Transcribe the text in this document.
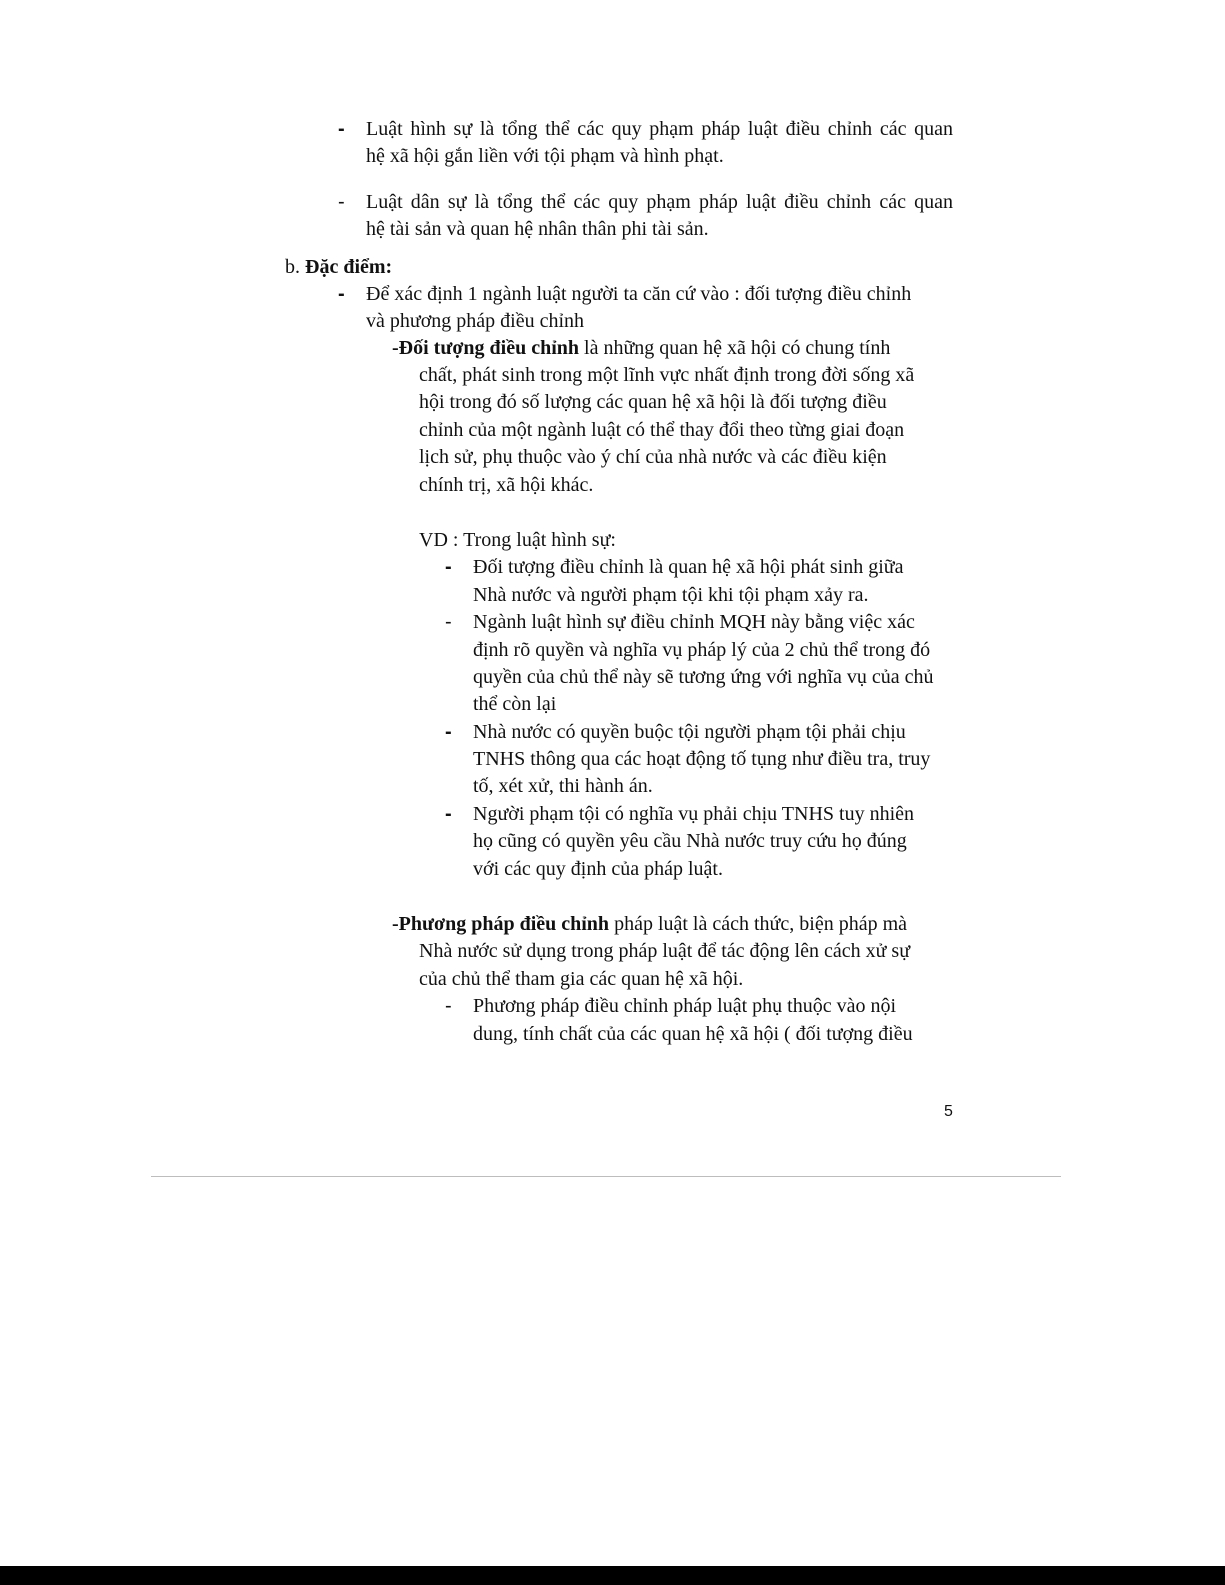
- Luật hình sự là tổng thể các quy phạm pháp luật điều chỉnh các quan
hệ xã hội gắn liền với tội phạm và hình phạt.
- Luật dân sự là tổng thể các quy phạm pháp luật điều chỉnh các quan
hệ tài sản và quan hệ nhân thân phi tài sản.
b. Đặc điểm:
- Để xác định 1 ngành luật người ta căn cứ vào : đối tượng điều chỉnh
và phương pháp điều chỉnh
-Đối tượng điều chỉnh là những quan hệ xã hội có chung tính
chất, phát sinh trong một lĩnh vực nhất định trong đời sống xã
hội trong đó số lượng các quan hệ xã hội là đối tượng điều
chỉnh của một ngành luật có thể thay đổi theo từng giai đoạn
lịch sử, phụ thuộc vào ý chí của nhà nước và các điều kiện
chính trị, xã hội khác.
VD : Trong luật hình sự:
- Đối tượng điều chỉnh là quan hệ xã hội phát sinh giữa
Nhà nước và người phạm tội khi tội phạm xảy ra.
- Ngành luật hình sự điều chỉnh MQH này bằng việc xác
định rõ quyền và nghĩa vụ pháp lý của 2 chủ thể trong đó
quyền của chủ thể này sẽ tương ứng với nghĩa vụ của chủ
thể còn lại
- Nhà nước có quyền buộc tội người phạm tội phải chịu
TNHS thông qua các hoạt động tố tụng như điều tra, truy
tố, xét xử, thi hành án.
- Người phạm tội có nghĩa vụ phải chịu TNHS tuy nhiên
họ cũng có quyền yêu cầu Nhà nước truy cứu họ đúng
với các quy định của pháp luật.
-Phương pháp điều chỉnh pháp luật là cách thức, biện pháp mà
Nhà nước sử dụng trong pháp luật để tác động lên cách xử sự
của chủ thể tham gia các quan hệ xã hội.
- Phương pháp điều chỉnh pháp luật phụ thuộc vào nội
dung, tính chất của các quan hệ xã hội ( đối tượng điều
5
